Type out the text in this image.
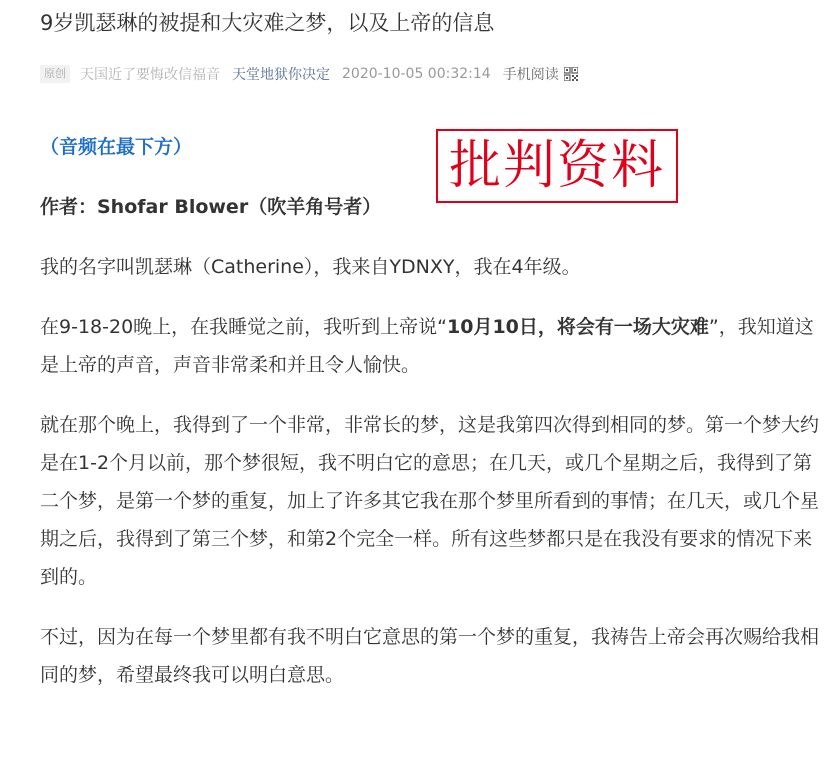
9岁凯瑟琳的被提和大灾难之梦，以及上帝的信息
原创 天国近了要悔改信福音 天堂地狱你决定 2020-10-05 00:32:14 手机阅读

（音频在最下方）

作者：Shofar Blower（吹羊角号者）

我的名字叫凯瑟琳（Catherine），我来自YDNXY，我在4年级。

在9-18-20晚上，在我睡觉之前，我听到上帝说“10月10日，将会有一场大灾难”，我知道这是上帝的声音，声音非常柔和并且令人愉快。

就在那个晚上，我得到了一个非常，非常长的梦，这是我第四次得到相同的梦。第一个梦大约是在1-2个月以前，那个梦很短，我不明白它的意思；在几天，或几个星期之后，我得到了第二个梦，是第一个梦的重复，加上了许多其它我在那个梦里所看到的事情；在几天，或几个星期之后，我得到了第三个梦，和第2个完全一样。所有这些梦都只是在我没有要求的情况下来到的。

不过，因为在每一个梦里都有我不明白它意思的第一个梦的重复，我祷告上帝会再次赐给我相同的梦，希望最终我可以明白意思。

批判资料
